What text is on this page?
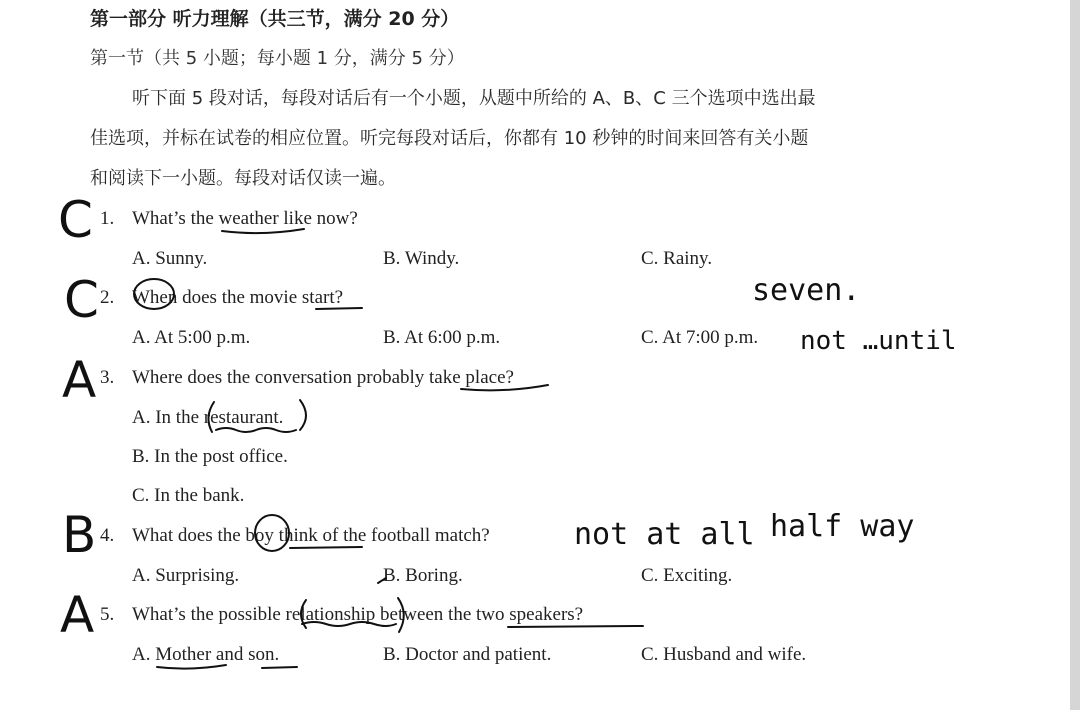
第一部分 听力理解（共三节，满分 20 分）
第一节（共 5 小题；每小题 1 分，满分 5 分）
听下面 5 段对话，每段对话后有一个小题，从题中所给的 A、B、C 三个选项中选出最
佳选项，并标在试卷的相应位置。听完每段对话后，你都有 10 秒钟的时间来回答有关小题
和阅读下一小题。每段对话仅读一遍。
C 1. What’s the weather like now?
A. Sunny.	B. Windy.	C. Rainy.
C 2. When does the movie start?
A. At 5:00 p.m.	B. At 6:00 p.m.	C. At 7:00 p.m.
seven.
not …until
A 3. Where does the conversation probably take place?
A. In the restaurant.
B. In the post office.
C. In the bank.
B 4. What does the boy think of the football match?
A. Surprising.	B. Boring.	C. Exciting.
not at all half way
A 5. What’s the possible relationship between the two speakers?
A. Mother and son.	B. Doctor and patient.	C. Husband and wife.
